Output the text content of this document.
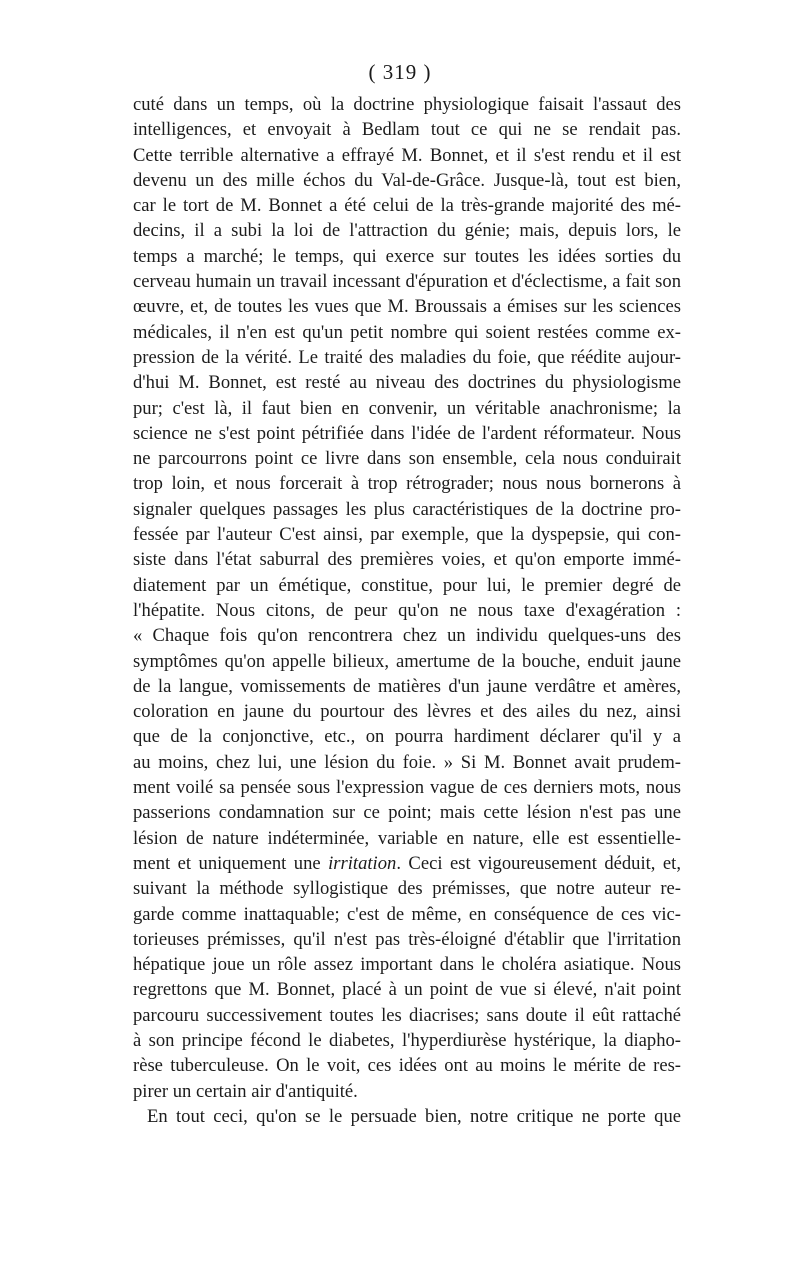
( 319 )
cuté dans un temps, où la doctrine physiologique faisait l'assaut des
intelligences, et envoyait à Bedlam tout ce qui ne se rendait pas.
Cette terrible alternative a effrayé M. Bonnet, et il s'est rendu et il est
devenu un des mille échos du Val-de-Grâce. Jusque-là, tout est bien,
car le tort de M. Bonnet a été celui de la très-grande majorité des mé-
decins, il a subi la loi de l'attraction du génie; mais, depuis lors, le
temps a marché; le temps, qui exerce sur toutes les idées sorties du
cerveau humain un travail incessant d'épuration et d'éclectisme, a fait son
œuvre, et, de toutes les vues que M. Broussais a émises sur les sciences
médicales, il n'en est qu'un petit nombre qui soient restées comme ex-
pression de la vérité. Le traité des maladies du foie, que réédite aujour-
d'hui M. Bonnet, est resté au niveau des doctrines du physiologisme
pur; c'est là, il faut bien en convenir, un véritable anachronisme; la
science ne s'est point pétrifiée dans l'idée de l'ardent réformateur. Nous
ne parcourrons point ce livre dans son ensemble, cela nous conduirait
trop loin, et nous forcerait à trop rétrograder; nous nous bornerons à
signaler quelques passages les plus caractéristiques de la doctrine pro-
fessée par l'auteur C'est ainsi, par exemple, que la dyspepsie, qui con-
siste dans l'état saburral des premières voies, et qu'on emporte immé-
diatement par un émétique, constitue, pour lui, le premier degré de
l'hépatite. Nous citons, de peur qu'on ne nous taxe d'exagération :
« Chaque fois qu'on rencontrera chez un individu quelques-uns des
symptômes qu'on appelle bilieux, amertume de la bouche, enduit jaune
de la langue, vomissements de matières d'un jaune verdâtre et amères,
coloration en jaune du pourtour des lèvres et des ailes du nez, ainsi
que de la conjonctive, etc., on pourra hardiment déclarer qu'il y a
au moins, chez lui, une lésion du foie. » Si M. Bonnet avait prudem-
ment voilé sa pensée sous l'expression vague de ces derniers mots, nous
passerions condamnation sur ce point; mais cette lésion n'est pas une
lésion de nature indéterminée, variable en nature, elle est essentielle-
ment et uniquement une irritation. Ceci est vigoureusement déduit, et,
suivant la méthode syllogistique des prémisses, que notre auteur re-
garde comme inattaquable; c'est de même, en conséquence de ces vic-
torieuses prémisses, qu'il n'est pas très-éloigné d'établir que l'irritation
hépatique joue un rôle assez important dans le choléra asiatique. Nous
regrettons que M. Bonnet, placé à un point de vue si élevé, n'ait point
parcouru successivement toutes les diacrises; sans doute il eût rattaché
à son principe fécond le diabetes, l'hyperdiurèse hystérique, la diapho-
rèse tuberculeuse. On le voit, ces idées ont au moins le mérite de res-
pirer un certain air d'antiquité.
En tout ceci, qu'on se le persuade bien, notre critique ne porte que
